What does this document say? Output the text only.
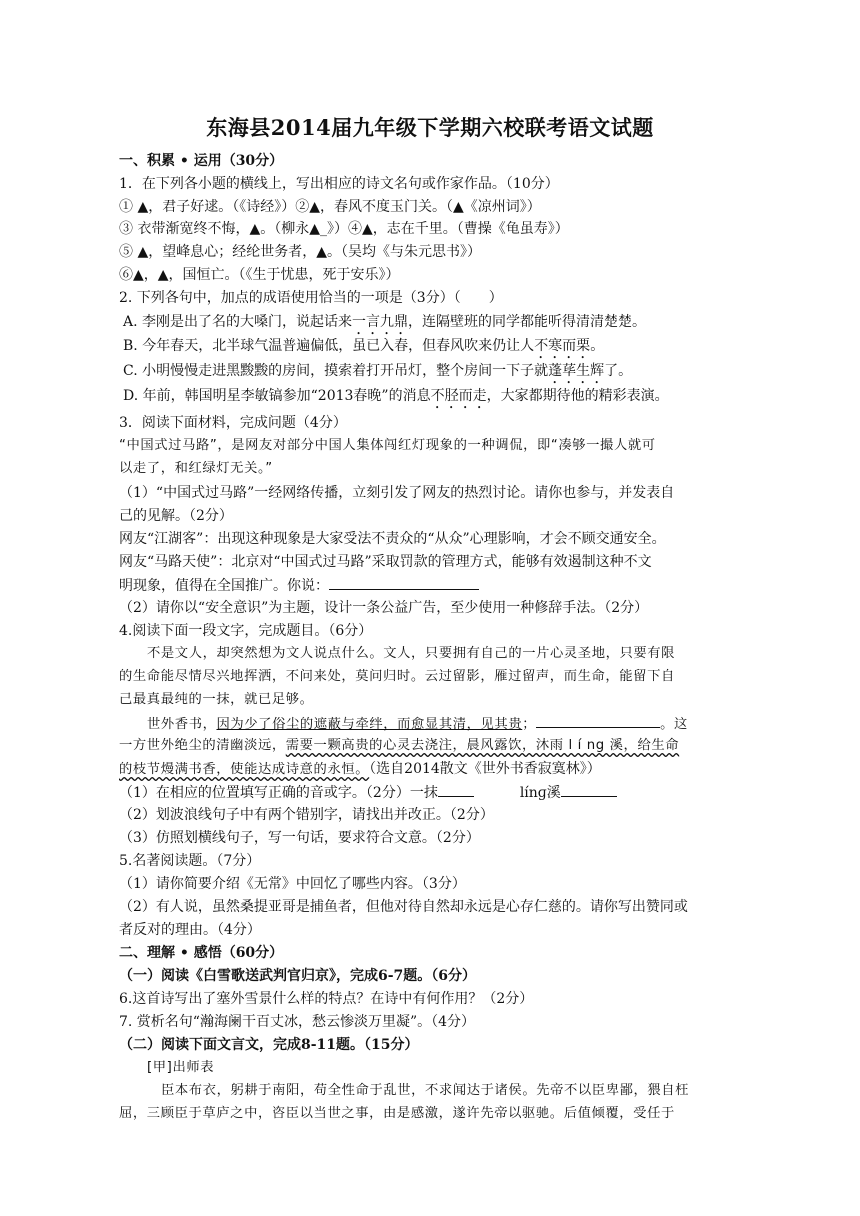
东海县2014届九年级下学期六校联考语文试题
一、积累 • 运用（30分）
1．在下列各小题的横线上，写出相应的诗文名句或作家作品。（10分）
① ▲，君子好逑。（《诗经》）②▲，春风不度玉门关。（▲《凉州词》）
③ 衣带渐宽终不悔，▲。（柳永▲_》）④▲，志在千里。（曹操《龟虽寿》）
⑤ ▲，望峰息心；经纶世务者，▲。（吴均《与朱元思书》）
⑥▲，▲，国恒亡。（《生于忧患，死于安乐》）
2. 下列各句中，加点的成语使用恰当的一项是（3分）（　　）
A. 李刚是出了名的大嗓门，说起话来一言九鼎，连隔壁班的同学都能听得清清楚楚。
B. 今年春天，北半球气温普遍偏低，虽已入春，但春风吹来仍让人不寒而栗。
C. 小明慢慢走进黑黢黢的房间，摸索着打开吊灯，整个房间一下子就蓬荜生辉了。
D. 年前，韩国明星李敏镐参加“2013春晚”的消息不胫而走，大家都期待他的精彩表演。
3．阅读下面材料，完成问题（4分）
“中国式过马路”，是网友对部分中国人集体闯红灯现象的一种调侃，即“凑够一撮人就可
以走了，和红绿灯无关。”
（1）“中国式过马路”一经网络传播，立刻引发了网友的热烈讨论。请你也参与，并发表自
己的见解。（2分）
网友“江湖客”：出现这种现象是大家受法不责众的“从众”心理影响，才会不顾交通安全。
网友“马路天使”：北京对“中国式过马路”采取罚款的管理方式，能够有效遏制这种不文
明现象，值得在全国推广。你说：
（2）请你以“安全意识”为主题，设计一条公益广告，至少使用一种修辞手法。（2分）
4.阅读下面一段文字，完成题目。（6分）
不是文人，却突然想为文人说点什么。文人，只要拥有自己的一片心灵圣地，只要有限
的生命能尽情尽兴地挥洒，不问来处，莫问归时。云过留影，雁过留声，而生命，能留下自
己最真最纯的一抹，就已足够。
世外香书，因为少了俗尘的遮蔽与牵绊，而愈显其清，见其贵；	。这
一方世外绝尘的清幽淡远，需要一颗高贵的心灵去浇注，晨风露饮，沐雨 l í ng 溪，给生命
的枝节熳满书香，使能达成诗意的永恒。（选自2014散文《世外书香寂寞林》）
（1）在相应的位置填写正确的音或字。（2分）一抹	línɡ溪
（2）划波浪线句子中有两个错别字，请找出并改正。（2分）
（3）仿照划横线句子，写一句话，要求符合文意。（2分）
5.名著阅读题。（7分）
（1）请你简要介绍《无常》中回忆了哪些内容。（3分）
（2）有人说，虽然桑提亚哥是捕鱼者，但他对待自然却永远是心存仁慈的。请你写出赞同或
者反对的理由。（4分）
二、理解 • 感悟（60分）
（一）阅读《白雪歌送武判官归京》，完成6-7题。（6分）
6.这首诗写出了塞外雪景什么样的特点？在诗中有何作用？（2分）
7. 赏析名句“瀚海阑干百丈冰，愁云惨淡万里凝”。（4分）
（二）阅读下面文言文，完成8-11题。（15分）
[甲]出师表
臣本布衣，躬耕于南阳，苟全性命于乱世，不求闻达于诸侯。先帝不以臣卑鄙，猥自枉
屈，三顾臣于草庐之中，咨臣以当世之事，由是感激，遂许先帝以驱驰。后值倾覆，受任于
